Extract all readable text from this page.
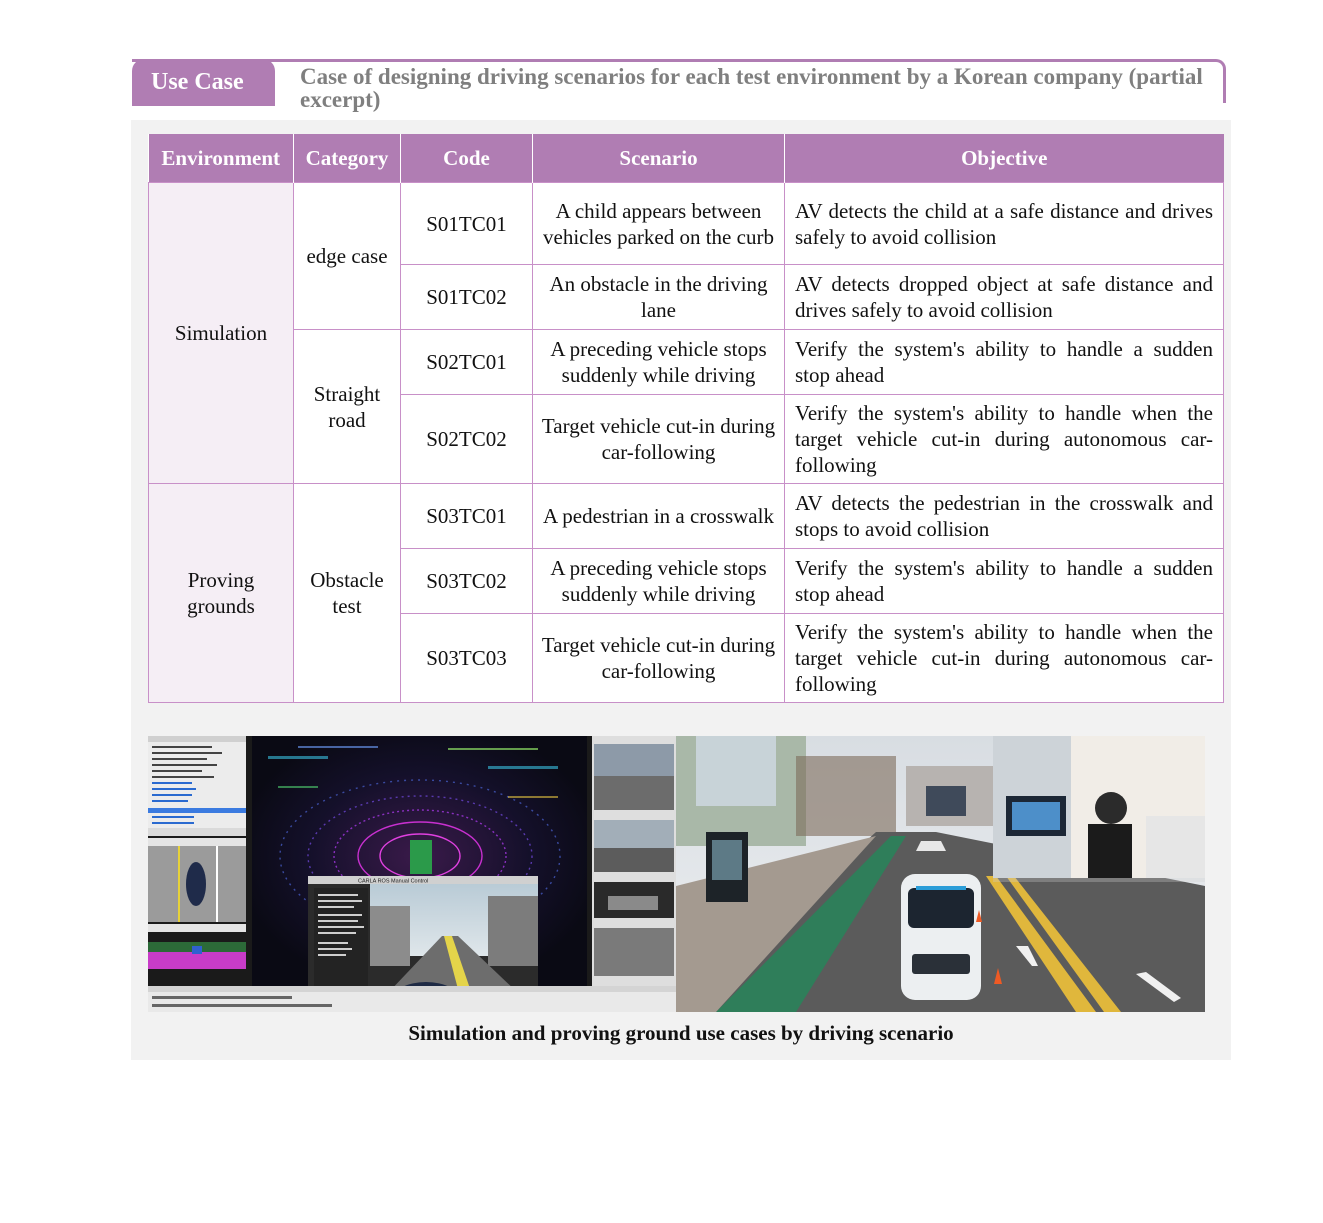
Use Case	Case of designing driving scenarios for each test environment by a Korean company (partial excerpt)
Environment	Category	Code	Scenario	Objective
Simulation	edge case	S01TC01	A child appears between vehicles parked on the curb	AV detects the child at a safe distance and drives safely to avoid collision
		S01TC02	An obstacle in the driving lane	AV detects dropped object at safe distance and drives safely to avoid collision
	Straight road	S02TC01	A preceding vehicle stops suddenly while driving	Verify the system's ability to handle a sudden stop ahead
		S02TC02	Target vehicle cut-in during car-following	Verify the system's ability to handle when the target vehicle cut-in during autonomous car-following
Proving grounds	Obstacle test	S03TC01	A pedestrian in a crosswalk	AV detects the pedestrian in the crosswalk and stops to avoid collision
		S03TC02	A preceding vehicle stops suddenly while driving	Verify the system's ability to handle a sudden stop ahead
		S03TC03	Target vehicle cut-in during car-following	Verify the system's ability to handle when the target vehicle cut-in during autonomous car-following
CARLA ROS Manual Control
Simulation and proving ground use cases by driving scenario
